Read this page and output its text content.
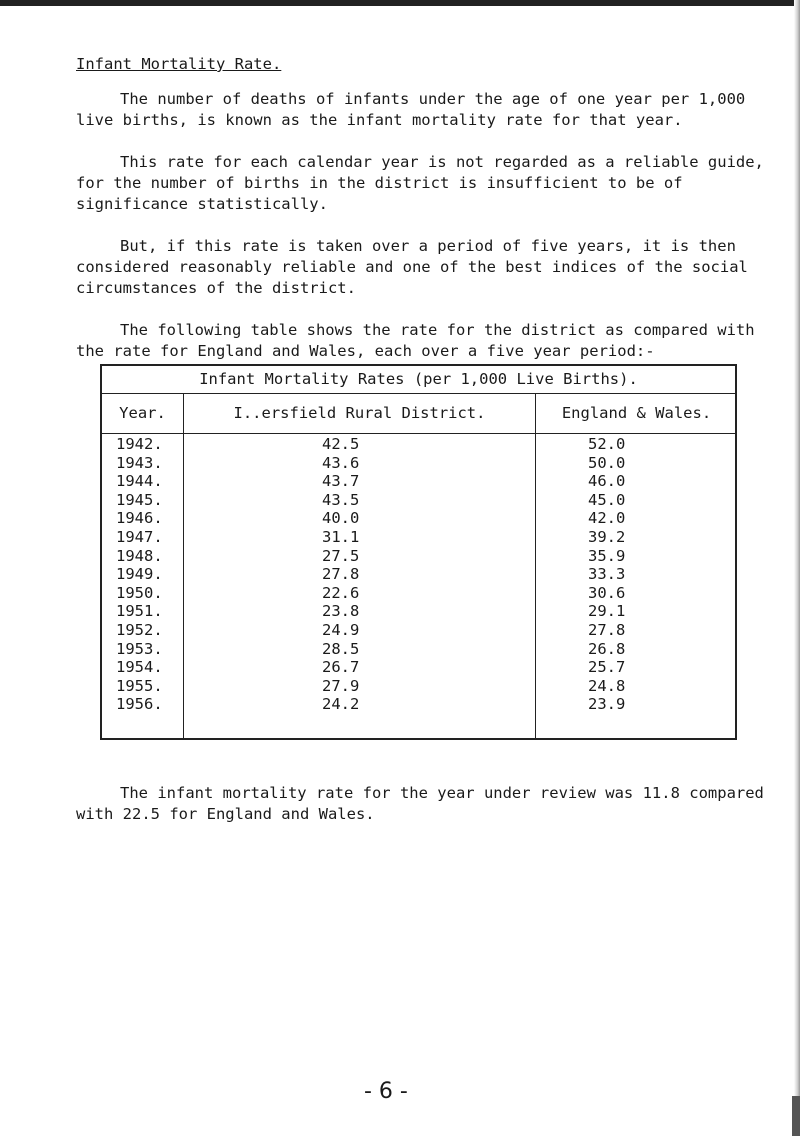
Infant Mortality Rate.

The number of deaths of infants under the age of one year per 1,000 live births, is known as the infant mortality rate for that year.

This rate for each calendar year is not regarded as a reliable guide, for the number of births in the district is insufficient to be of significance statistically.

But, if this rate is taken over a period of five years, it is then considered reasonably reliable and one of the best indices of the social circumstances of the district.

The following table shows the rate for the district as compared with the rate for England and Wales, each over a five year period:-

Infant Mortality Rates (per 1,000 Live Births).
Year.	I..ersfield Rural District.	England & Wales.
1942.	42.5	52.0
1943.	43.6	50.0
1944.	43.7	46.0
1945.	43.5	45.0
1946.	40.0	42.0
1947.	31.1	39.2
1948.	27.5	35.9
1949.	27.8	33.3
1950.	22.6	30.6
1951.	23.8	29.1
1952.	24.9	27.8
1953.	28.5	26.8
1954.	26.7	25.7
1955.	27.9	24.8
1956.	24.2	23.9

The infant mortality rate for the year under review was 11.8 compared with 22.5 for England and Wales.

- 6 -
